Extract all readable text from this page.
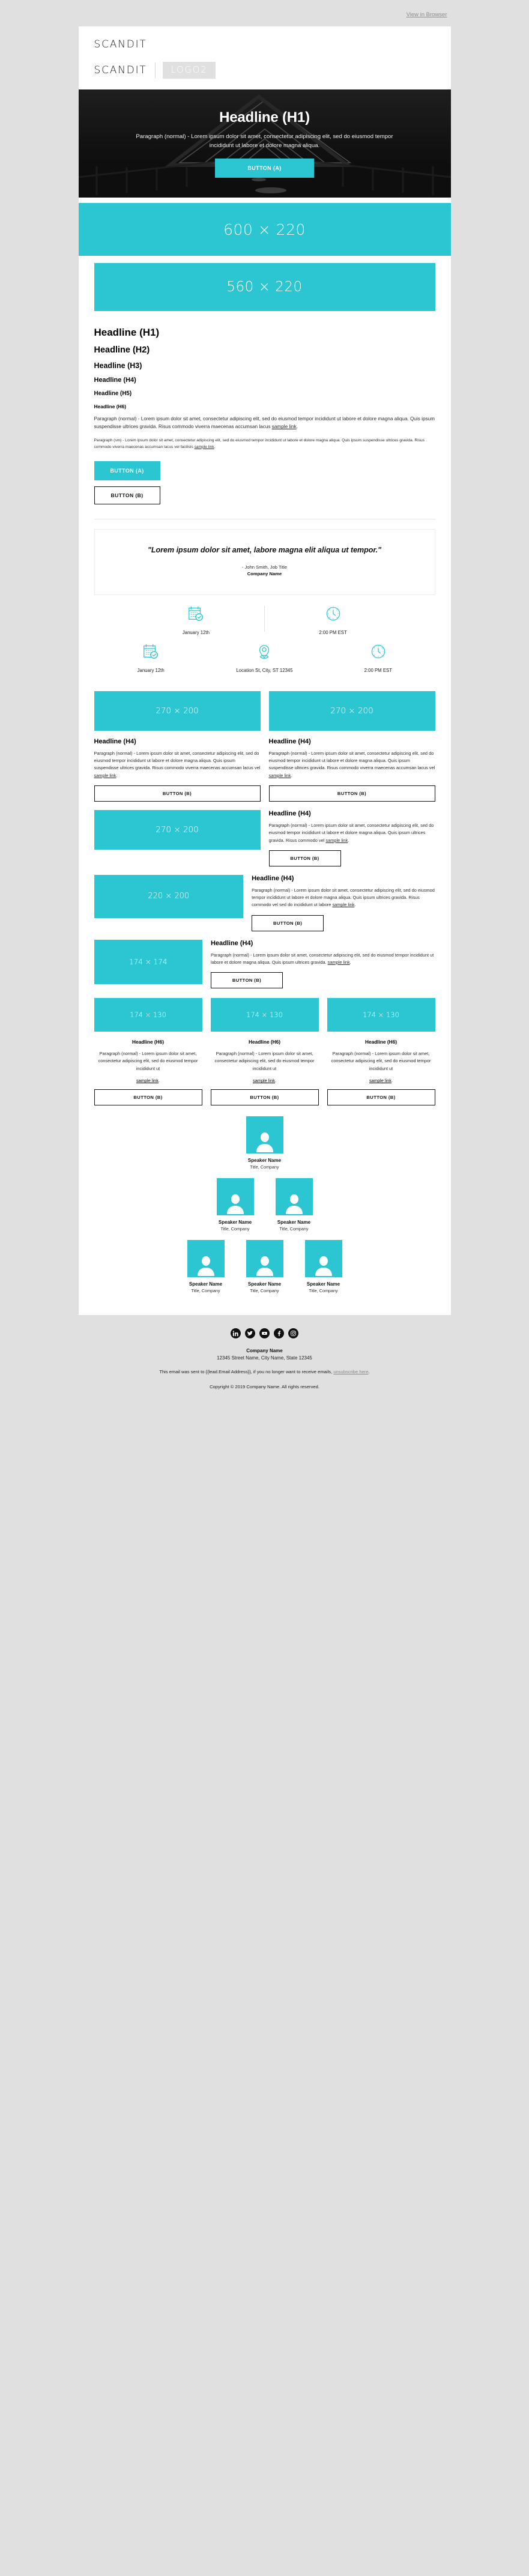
View in Browser
SCANDIT
SCANDIT	LOGO2
Headline (H1)

Paragraph (normal) - Lorem ipsum dolor sit amet, consectetur adipiscing elit, sed do eiusmod tempor incididunt ut labore et dolore magna aliqua.

BUTTON (A)
600 × 220
560 × 220
Headline (H1)
Headline (H2)
Headline (H3)
Headline (H4)
Headline (H5)
Headline (H6)

Paragraph (normal) - Lorem ipsum dolor sit amet, consectetur adipiscing elit, sed do eiusmod tempor incididunt ut labore et dolore magna aliqua. Quis ipsum suspendisse ultrices gravida. Risus commodo viverra maecenas accumsan lacus sample link.

Paragraph (sm) - Lorem ipsum dolor sit amet, consectetur adipiscing elit, sed do eiusmod tempor incididunt ut labore et dolore magna aliqua. Quis ipsum suspendisse ultrices gravida. Risus commodo viverra maecenas accumsan lacus vel facilisis sample link.

BUTTON (A)
BUTTON (B)
"Lorem ipsum dolor sit amet, labore magna elit aliqua ut tempor."
- John Smith, Job Title
Company Name
January 12th	2:00 PM EST
January 12th	Location St, City, ST 12345	2:00 PM EST
270 × 200
Headline (H4)

Paragraph (normal) - Lorem ipsum dolor sit amet, consectetur adipiscing elit, sed do eiusmod tempor incididunt ut labore et dolore magna aliqua. Quis ipsum suspendisse ultrices gravida. Risus commodo viverra maecenas accumsan lacus vel sample link.

BUTTON (B)
270 × 200
Headline (H4)

Paragraph (normal) - Lorem ipsum dolor sit amet, consectetur adipiscing elit, sed do eiusmod tempor incididunt ut labore et dolore magna aliqua. Quis ipsum suspendisse ultrices gravida. Risus commodo viverra maecenas accumsan lacus vel sample link.

BUTTON (B)
270 × 200
Headline (H4)

Paragraph (normal) - Lorem ipsum dolor sit amet, consectetur adipiscing elit, sed do eiusmod tempor incididunt ut labore et dolore magna aliqua. Quis ipsum ultrices gravida. Risus commodo vel sample link.

BUTTON (B)
220 × 200
Headline (H4)

Paragraph (normal) - Lorem ipsum dolor sit amet, consectetur adipiscing elit, sed do eiusmod tempor incididunt ut labore et dolore magna aliqua. Quis ipsum ultrices gravida. Risus commodo vel sed do incididunt ut labore sample link.

BUTTON (B)
174 × 174
Headline (H4)

Paragraph (normal) - Lorem ipsum dolor sit amet, consectetur adipiscing elit, sed do eiusmod tempor incididunt ut labore et dolore magna aliqua. Quis ipsum ultrices gravida. sample link.

BUTTON (B)
174 × 130
Headline (H6)

Paragraph (normal) - Lorem ipsum dolor sit amet, consectetur adipiscing elit, sed do eiusmod tempor incididunt ut

sample link.
BUTTON (B)
174 × 130
Headline (H6)

Paragraph (normal) - Lorem ipsum dolor sit amet, consectetur adipiscing elit, sed do eiusmod tempor incididunt ut

sample link.
BUTTON (B)
174 × 130
Headline (H6)

Paragraph (normal) - Lorem ipsum dolor sit amet, consectetur adipiscing elit, sed do eiusmod tempor incididunt ut

sample link.
BUTTON (B)
Speaker Name
Title, Company
Speaker Name
Title, Company
Speaker Name
Title, Company
Speaker Name
Title, Company
Speaker Name
Title, Company
Speaker Name
Title, Company
Company Name
12345 Street Name, City Name, State 12345
This email was sent to {{lead.Email Address}}, if you no longer want to receive emails, unsubscribe here.
Copyright © 2019 Company Name. All rights reserved.
